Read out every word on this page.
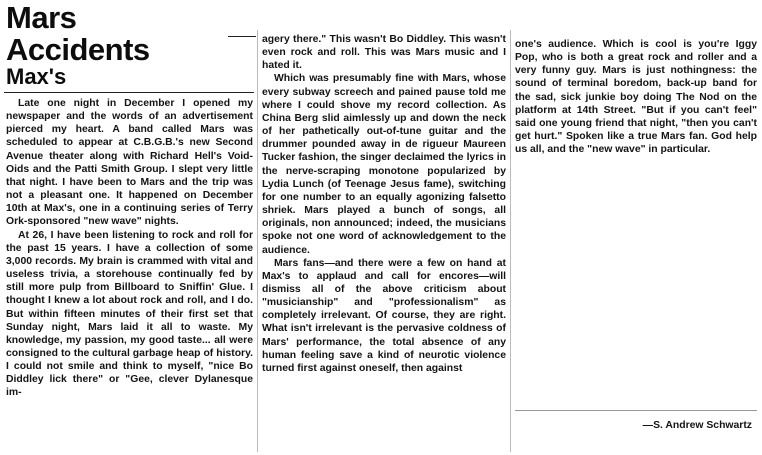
Mars
Accidents
Max's

Late one night in December I opened my newspaper and the words of an advertisement pierced my heart. A band called Mars was scheduled to appear at C.B.G.B.'s new Second Avenue theater along with Richard Hell's Void-Oids and the Patti Smith Group. I slept very little that night. I have been to Mars and the trip was not a pleasant one. It happened on December 10th at Max's, one in a continuing series of Terry Ork-sponsored "new wave" nights.

At 26, I have been listening to rock and roll for the past 15 years. I have a collection of some 3,000 records. My brain is crammed with vital and useless trivia, a storehouse continually fed by still more pulp from Billboard to Sniffin' Glue. I thought I knew a lot about rock and roll, and I do. But within fifteen minutes of their first set that Sunday night, Mars laid it all to waste. My knowledge, my passion, my good taste... all were consigned to the cultural garbage heap of history. I could not smile and think to myself, "nice Bo Diddley lick there" or "Gee, clever Dylanesque im-

agery there." This wasn't Bo Diddley. This wasn't even rock and roll. This was Mars music and I hated it.

Which was presumably fine with Mars, whose every subway screech and pained pause told me where I could shove my record collection. As China Berg slid aimlessly up and down the neck of her pathetically out-of-tune guitar and the drummer pounded away in de rigueur Maureen Tucker fashion, the singer declaimed the lyrics in the nerve-scraping monotone popularized by Lydia Lunch (of Teenage Jesus fame), switching for one number to an equally agonizing falsetto shriek. Mars played a bunch of songs, all originals, non announced; indeed, the musicians spoke not one word of acknowledgement to the audience.

Mars fans—and there were a few on hand at Max's to applaud and call for encores—will dismiss all of the above criticism about "musicianship" and "professionalism" as completely irrelevant. Of course, they are right. What isn't irrelevant is the pervasive coldness of Mars' performance, the total absence of any human feeling save a kind of neurotic violence turned first against oneself, then against

one's audience. Which is cool is you're Iggy Pop, who is both a great rock and roller and a very funny guy. Mars is just nothingness: the sound of terminal boredom, back-up band for the sad, sick junkie boy doing The Nod on the platform at 14th Street. "But if you can't feel" said one young friend that night, "then you can't get hurt." Spoken like a true Mars fan. God help us all, and the "new wave" in particular.

—S. Andrew Schwartz
